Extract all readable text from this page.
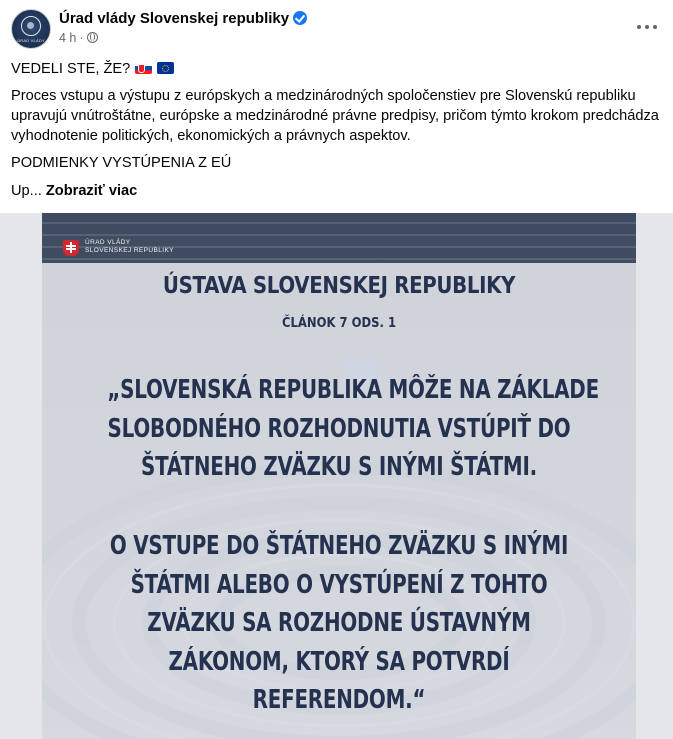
ÚRAD VLÁDY
Úrad vlády Slovenskej republiky
4 h ·
VEDELI STE, ŽE?
Proces vstupu a výstupu z európskych a medzinárodných spoločenstiev pre Slovenskú republiku upravujú vnútroštátne, európske a medzinárodné právne predpisy, pričom týmto krokom predchádza vyhodnotenie politických, ekonomických a právnych aspektov.
PODMIENKY VYSTÚPENIA Z EÚ
Up... Zobraziť viac
ÚRAD VLÁDY
SLOVENSKEJ REPUBLIKY
ÚSTAVA SLOVENSKEJ REPUBLIKY
ČLÁNOK 7 ODS. 1
„SLOVENSKÁ REPUBLIKA MÔŽE NA ZÁKLADE
SLOBODNÉHO ROZHODNUTIA VSTÚPIŤ DO
ŠTÁTNEHO ZVÄZKU S INÝMI ŠTÁTMI.
O VSTUPE DO ŠTÁTNEHO ZVÄZKU S INÝMI
ŠTÁTMI ALEBO O VYSTÚPENÍ Z TOHTO
ZVÄZKU SA ROZHODNE ÚSTAVNÝM
ZÁKONOM, KTORÝ SA POTVRDÍ
REFERENDOM.“
